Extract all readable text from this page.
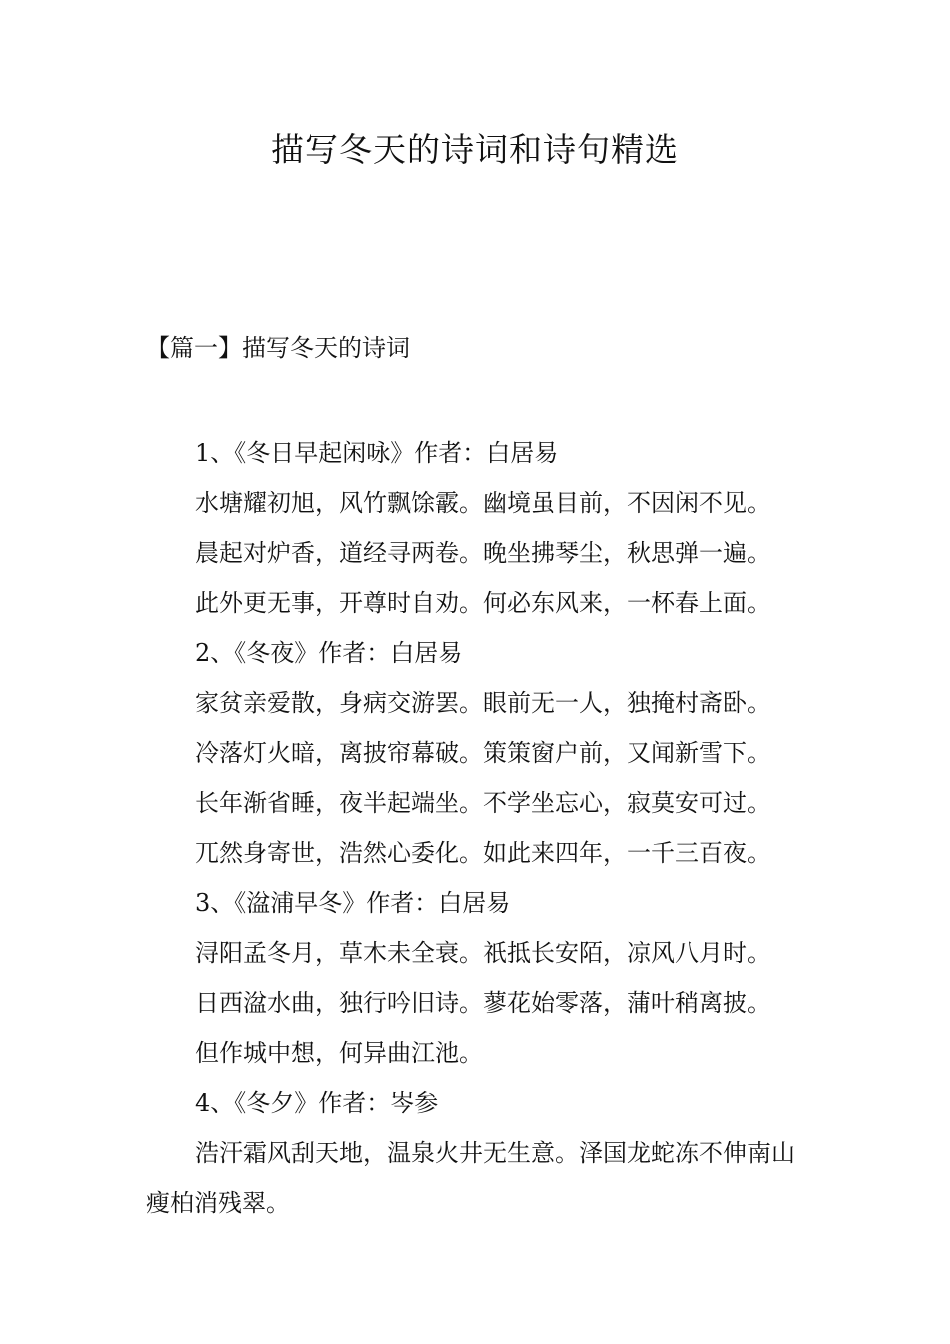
描写冬天的诗词和诗句精选
【篇一】描写冬天的诗词
1、《冬日早起闲咏》作者：白居易
水塘耀初旭，风竹飘馀霰。幽境虽目前，不因闲不见。
晨起对炉香，道经寻两卷。晚坐拂琴尘，秋思弹一遍。
此外更无事，开尊时自劝。何必东风来，一杯春上面。
2、《冬夜》作者：白居易
家贫亲爱散，身病交游罢。眼前无一人，独掩村斋卧。
冷落灯火暗，离披帘幕破。策策窗户前，又闻新雪下。
长年渐省睡，夜半起端坐。不学坐忘心，寂莫安可过。
兀然身寄世，浩然心委化。如此来四年，一千三百夜。
3、《湓浦早冬》作者：白居易
浔阳孟冬月，草木未全衰。祇抵长安陌，凉风八月时。
日西湓水曲，独行吟旧诗。蓼花始零落，蒲叶稍离披。
但作城中想，何异曲江池。
4、《冬夕》作者：岑参
浩汗霜风刮天地，温泉火井无生意。泽国龙蛇冻不伸南山瘦柏消残翠。
